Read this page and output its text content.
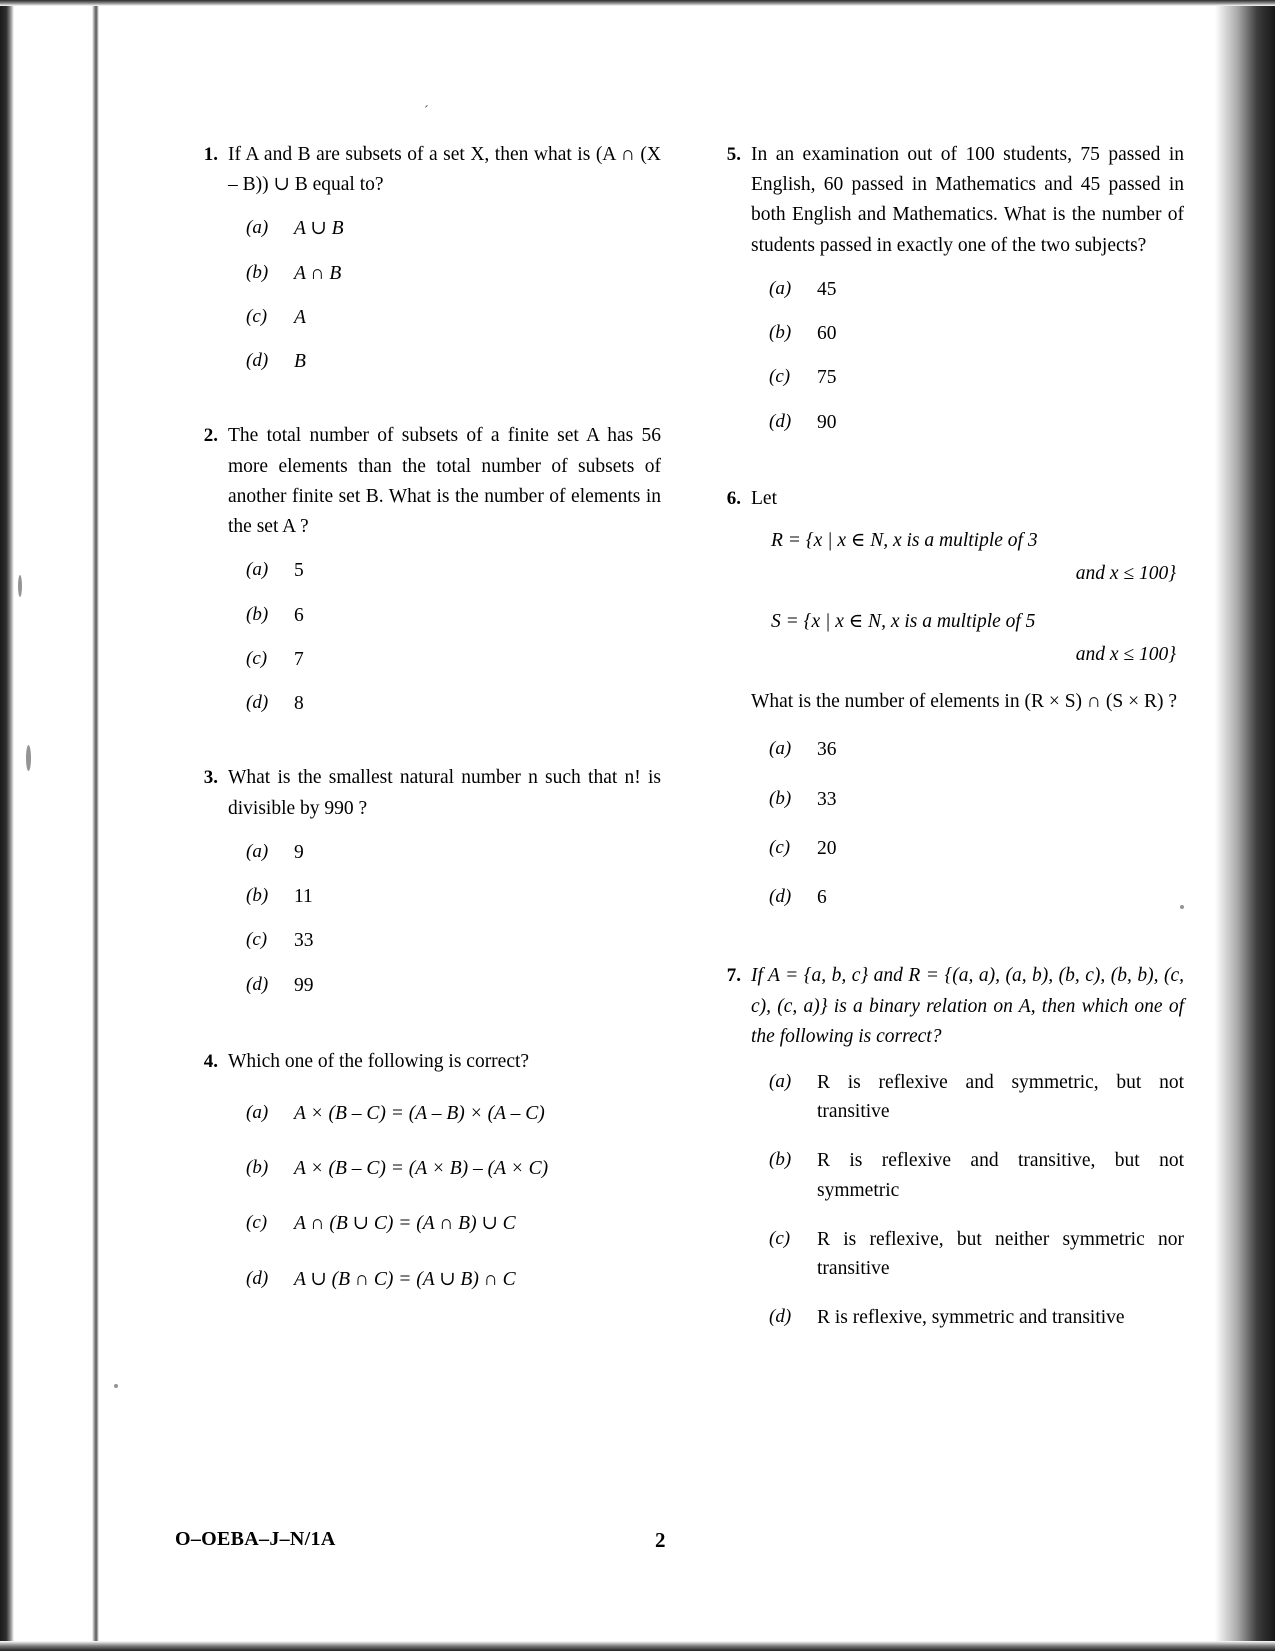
´
1. If A and B are subsets of a set X, then what is (A ∩ (X – B)) ∪ B equal to?

(a)	A ∪ B
(b)	A ∩ B
(c)	A
(d)	B
2. The total number of subsets of a finite set A has 56 more elements than the total number of subsets of another finite set B. What is the number of elements in the set A ?

(a)	5
(b)	6
(c)	7
(d)	8
3. What is the smallest natural number n such that n! is divisible by 990 ?

(a)	9
(b)	11
(c)	33
(d)	99
4. Which one of the following is correct?

(a)	A × (B – C) = (A – B) × (A – C)
(b)	A × (B – C) = (A × B) – (A × C)
(c)	A ∩ (B ∪ C) = (A ∩ B) ∪ C
(d)	A ∪ (B ∩ C) = (A ∪ B) ∩ C
5. In an examination out of 100 students, 75 passed in English, 60 passed in Mathematics and 45 passed in both English and Mathematics. What is the number of students passed in exactly one of the two subjects?

(a)	45
(b)	60
(c)	75
(d)	90
6. Let

R = {x | x ∈ N, x is a multiple of 3
and x ≤ 100}
S = {x | x ∈ N, x is a multiple of 5
and x ≤ 100}
What is the number of elements in (R × S) ∩ (S × R) ?
(a)	36
(b)	33
(c)	20
(d)	6
7. If A = {a, b, c} and R = {(a, a), (a, b), (b, c), (b, b), (c, c), (c, a)} is a binary relation on A, then which one of the following is correct?

(a)	R is reflexive and symmetric, but not transitive
(b)	R is reflexive and transitive, but not symmetric
(c)	R is reflexive, but neither symmetric nor transitive
(d)	R is reflexive, symmetric and transitive
O–OEBA–J–N/1A	2
